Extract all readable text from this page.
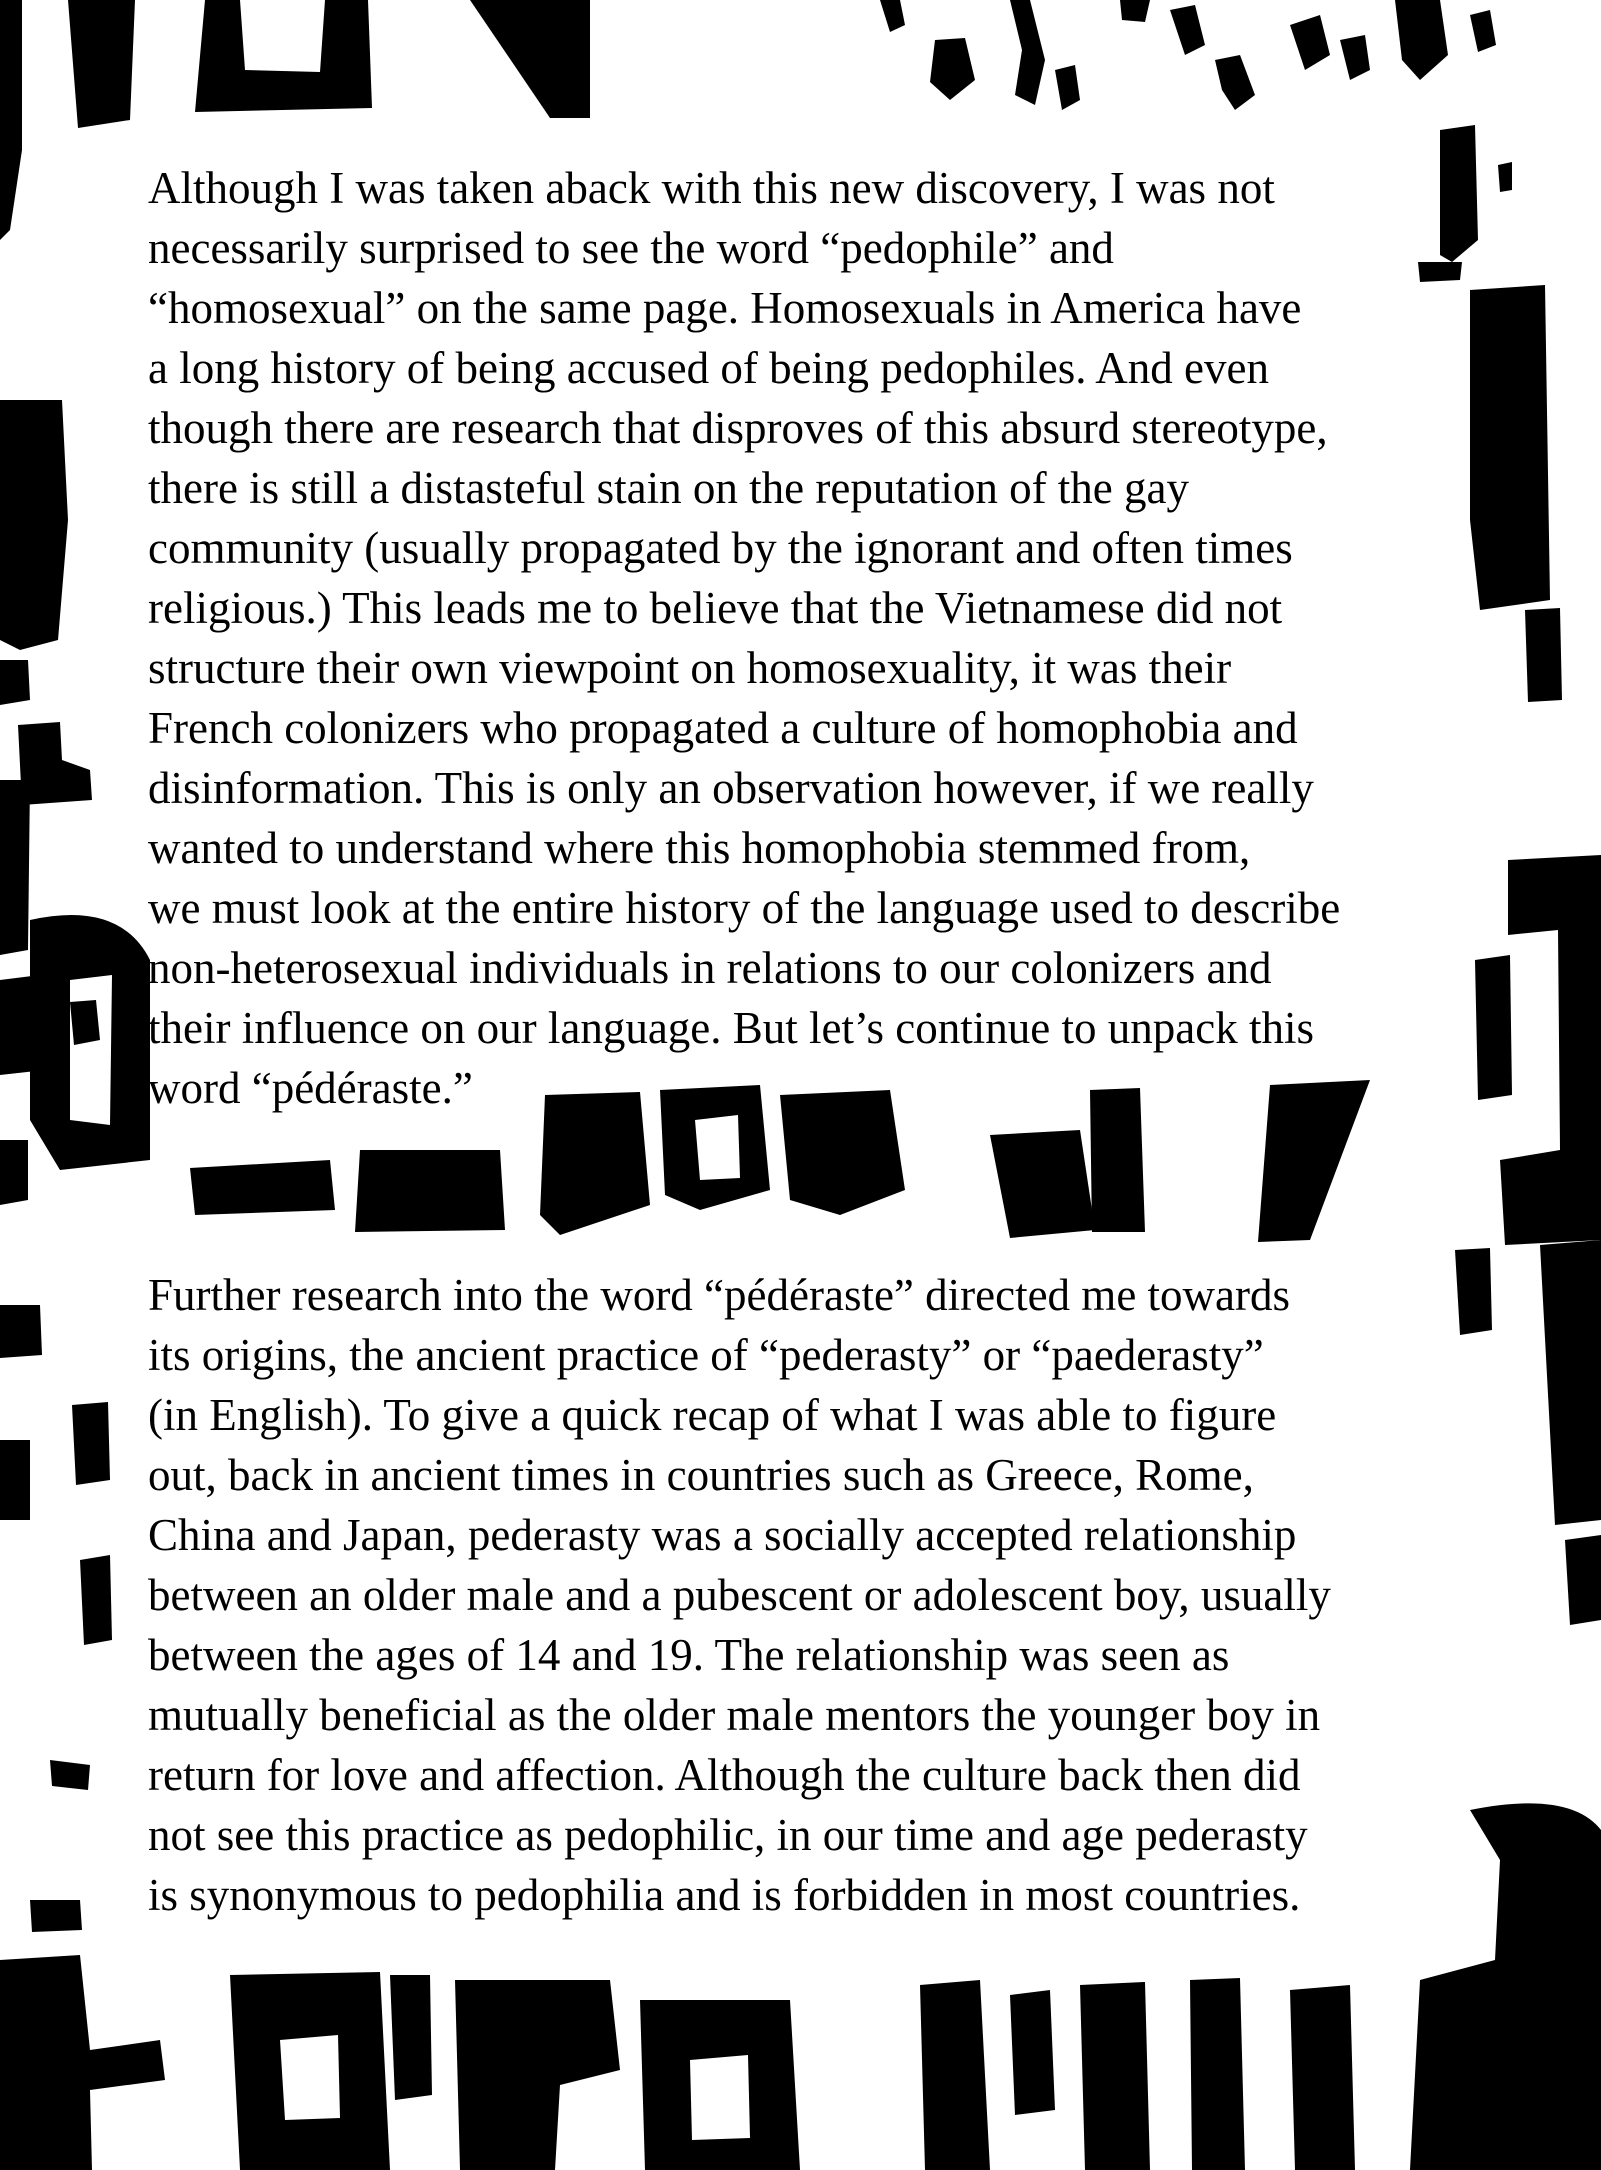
Although I was taken aback with this new discovery, I was not
necessarily surprised to see the word “pedophile” and
“homosexual” on the same page. Homosexuals in America have
a long history of being accused of being pedophiles. And even
though there are research that disproves of this absurd stereotype,
there is still a distasteful stain on the reputation of the gay
community (usually propagated by the ignorant and often times
religious.) This leads me to believe that the Vietnamese did not
structure their own viewpoint on homosexuality, it was their
French colonizers who propagated a culture of homophobia and
disinformation. This is only an observation however, if we really
wanted to understand where this homophobia stemmed from,
we must look at the entire history of the language used to describe
non-heterosexual individuals in relations to our colonizers and
their influence on our language. But let’s continue to unpack this
word “pédéraste.”
Further research into the word “pédéraste” directed me towards
its origins, the ancient practice of “pederasty” or “paederasty”
(in English). To give a quick recap of what I was able to figure
out, back in ancient times in countries such as Greece, Rome,
China and Japan, pederasty was a socially accepted relationship
between an older male and a pubescent or adolescent boy, usually
between the ages of 14 and 19. The relationship was seen as
mutually beneficial as the older male mentors the younger boy in
return for love and affection. Although the culture back then did
not see this practice as pedophilic, in our time and age pederasty
is synonymous to pedophilia and is forbidden in most countries.
